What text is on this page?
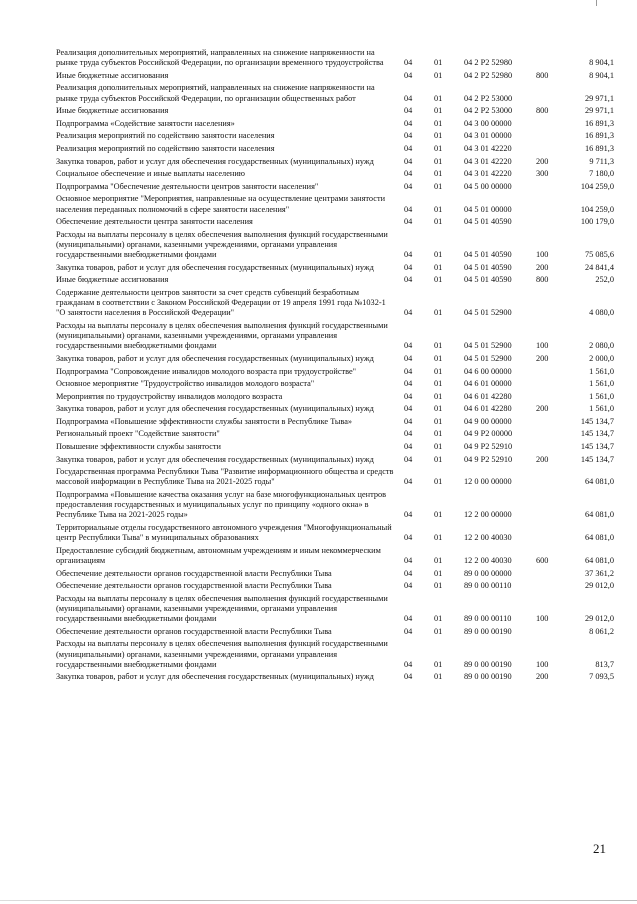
Реализация дополнительных мероприятий, направленных на снижение напряженности на рынке труда субъектов Российской Федерации, по организации временного трудоустройства	04	01	04 2 P2 52980		8 904,1
Иные бюджетные ассигнования	04	01	04 2 P2 52980	800	8 904,1
Реализация дополнительных мероприятий, направленных на снижение напряженности на рынке труда субъектов Российской Федерации, по организации общественных работ	04	01	04 2 P2 53000		29 971,1
Иные бюджетные ассигнования	04	01	04 2 P2 53000	800	29 971,1
Подпрограмма «Содействие занятости населения»	04	01	04 3 00 00000		16 891,3
Реализация мероприятий по содействию занятости населения	04	01	04 3 01 00000		16 891,3
Реализация мероприятий по содействию занятости населения	04	01	04 3 01 42220		16 891,3
Закупка товаров, работ и услуг для обеспечения государственных (муниципальных) нужд	04	01	04 3 01 42220	200	9 711,3
Социальное обеспечение и иные выплаты населению	04	01	04 3 01 42220	300	7 180,0
Подпрограмма "Обеспечение деятельности центров занятости населения"	04	01	04 5 00 00000		104 259,0
Основное мероприятие "Мероприятия, направленные на осуществление центрами занятости населения переданных полномочий в сфере занятости населения"	04	01	04 5 01 00000		104 259,0
Обеспечение деятельности центра занятости населения	04	01	04 5 01 40590		100 179,0
Расходы на выплаты персоналу в целях обеспечения выполнения функций государственными (муниципальными) органами, казенными учреждениями, органами управления государственными внебюджетными фондами	04	01	04 5 01 40590	100	75 085,6
Закупка товаров, работ и услуг для обеспечения государственных (муниципальных) нужд	04	01	04 5 01 40590	200	24 841,4
Иные бюджетные ассигнования	04	01	04 5 01 40590	800	252,0
Содержание деятельности центров занятости за счет средств субвенций безработным гражданам в соответствии с Законом Российской Федерации от 19 апреля 1991 года №1032-1 "О занятости населения в Российской Федерации"	04	01	04 5 01 52900		4 080,0
Расходы на выплаты персоналу в целях обеспечения выполнения функций государственными (муниципальными) органами, казенными учреждениями, органами управления государственными внебюджетными фондами	04	01	04 5 01 52900	100	2 080,0
Закупка товаров, работ и услуг для обеспечения государственных (муниципальных) нужд	04	01	04 5 01 52900	200	2 000,0
Подпрограмма "Сопровождение инвалидов молодого возраста при трудоустройстве"	04	01	04 6 00 00000		1 561,0
Основное мероприятие "Трудоустройство инвалидов молодого возраста"	04	01	04 6 01 00000		1 561,0
Мероприятия по трудоустройству инвалидов молодого возраста	04	01	04 6 01 42280		1 561,0
Закупка товаров, работ и услуг для обеспечения государственных (муниципальных) нужд	04	01	04 6 01 42280	200	1 561,0
Подпрограмма «Повышение эффективности службы занятости в Республике Тыва»	04	01	04 9 00 00000		145 134,7
Региональный проект "Содействие занятости"	04	01	04 9 P2 00000		145 134,7
Повышение эффективности службы занятости	04	01	04 9 P2 52910		145 134,7
Закупка товаров, работ и услуг для обеспечения государственных (муниципальных) нужд	04	01	04 9 P2 52910	200	145 134,7
Государственная программа Республики Тыва "Развитие информационного общества и средств массовой информации в Республике Тыва на 2021-2025 годы"	04	01	12 0 00 00000		64 081,0
Подпрограмма «Повышение качества оказания услуг на базе многофункциональных центров предоставления государственных и муниципальных услуг по принципу «одного окна» в Республике Тыва на 2021-2025 годы»	04	01	12 2 00 00000		64 081,0
Территориальные отделы государственного автономного учреждения "Многофункциональный центр Республики Тыва" в муниципальных образованиях	04	01	12 2 00 40030		64 081,0
Предоставление субсидий бюджетным, автономным учреждениям и иным некоммерческим организациям	04	01	12 2 00 40030	600	64 081,0
Обеспечение деятельности органов государственной власти Республики Тыва	04	01	89 0 00 00000		37 361,2
Обеспечение деятельности органов государственной власти Республики Тыва	04	01	89 0 00 00110		29 012,0
Расходы на выплаты персоналу в целях обеспечения выполнения функций государственными (муниципальными) органами, казенными учреждениями, органами управления государственными внебюджетными фондами	04	01	89 0 00 00110	100	29 012,0
Обеспечение деятельности органов государственной власти Республики Тыва	04	01	89 0 00 00190		8 061,2
Расходы на выплаты персоналу в целях обеспечения выполнения функций государственными (муниципальными) органами, казенными учреждениями, органами управления государственными внебюджетными фондами	04	01	89 0 00 00190	100	813,7
Закупка товаров, работ и услуг для обеспечения государственных (муниципальных) нужд	04	01	89 0 00 00190	200	7 093,5
21
